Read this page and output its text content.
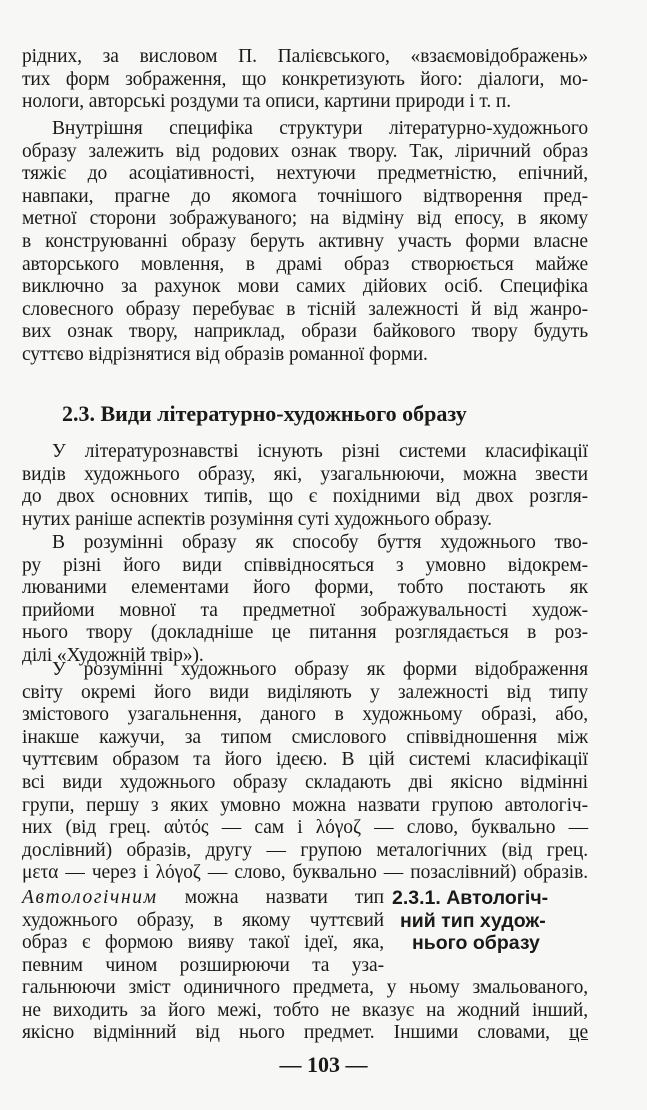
рідних, за висловом П. Палієвського, «взаємовідображень»
тих форм зображення, що конкретизують його: діалоги, мо-
нологи, авторські роздуми та описи, картини природи і т. п.
Внутрішня специфіка структури літературно-художнього
образу залежить від родових ознак твору. Так, ліричний образ
тяжіє до асоціативності, нехтуючи предметністю, епічний,
навпаки, прагне до якомога точнішого відтворення пред-
метної сторони зображуваного; на відміну від епосу, в якому
в конструюванні образу беруть активну участь форми власне
авторського мовлення, в драмі образ створюється майже
виключно за рахунок мови самих дійових осіб. Специфіка
словесного образу перебуває в тісній залежності й від жанро-
вих ознак твору, наприклад, образи байкового твору будуть
суттєво відрізнятися від образів романної форми.
2.3. Види літературно-художнього образу
У літературознавстві існують різні системи класифікації
видів художнього образу, які, узагальнюючи, можна звести
до двох основних типів, що є похідними від двох розгля-
нутих раніше аспектів розуміння суті художнього образу.
В розумінні образу як способу буття художнього тво-
ру різні його види співвідносяться з умовно відокрем-
люваними елементами його форми, тобто постають як
прийоми мовної та предметної зображувальності худож-
нього твору (докладніше це питання розглядається в роз-
ділі «Художній твір»).
У розумінні художнього образу як форми відображення
світу окремі його види виділяють у залежності від типу
змістового узагальнення, даного в художньому образі, або,
інакше кажучи, за типом смислового співвідношення між
чуттєвим образом та його ідеєю. В цій системі класифікації
всі види художнього образу складають дві якісно відмінні
групи, першу з яких умовно можна назвати групою автологіч-
них (від грец. αὐτός — сам і λόγοζ — слово, буквально —
дослівний) образів, другу — групою металогічних (від грец.
μετα — через і λόγοζ — слово, буквально — позаслівний) образів.
Автологічним можна назвати тип
художнього образу, в якому чуттєвий
образ є формою вияву такої ідеї, яка,
певним чином розширюючи та уза-
2.3.1. Автологіч-
ний тип худож-
нього образу
гальнюючи зміст одиничного предмета, у ньому змальованого,
не виходить за його межі, тобто не вказує на жодний інший,
якісно відмінний від нього предмет. Іншими словами, це
— 103 —
